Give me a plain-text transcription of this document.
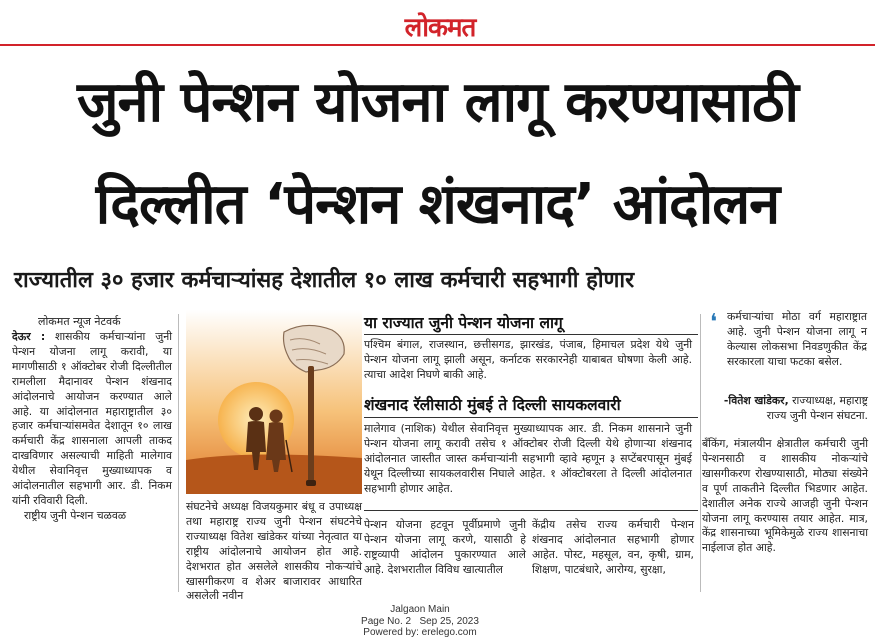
लोकमत
जुनी पेन्शन योजना लागू करण्यासाठी
दिल्लीत ‘पेन्शन शंखनाद’ आंदोलन
राज्यातील ३० हजार कर्मचाऱ्यांसह देशातील १० लाख कर्मचारी सहभागी होणार
लोकमत न्यूज नेटवर्क

देऊर : शासकीय कर्मचाऱ्यांना जुनी पेन्शन योजना लागू करावी, या मागणीसाठी १ ऑक्टोबर रोजी दिल्लीतील रामलीला मैदानावर पेन्शन शंखनाद आंदोलनाचे आयोजन करण्यात आले आहे. या आंदोलनात महाराष्ट्रातील ३० हजार कर्मचाऱ्यांसमवेत देशातून १० लाख कर्मचारी केंद्र शासनाला आपली ताकद दाखविणार असल्याची माहिती मालेगाव येथील सेवानिवृत्त मुख्याध्यापक व आंदोलनातील सहभागी आर. डी. निकम यांनी रविवारी दिली.

राष्ट्रीय जुनी पेन्शन चळवळ

संघटनेचे अध्यक्ष विजयकुमार बंधू व उपाध्यक्ष तथा महाराष्ट्र राज्य जुनी पेन्शन संघटनेचे राज्याध्यक्ष वितेश खांडेकर यांच्या नेतृत्वात या राष्ट्रीय आंदोलनाचे आयोजन होत आहे. देशभरात होत असलेले शासकीय नोकऱ्यांचे खासगीकरण व शेअर बाजारावर आधारित असलेली नवीन
या राज्यात जुनी पेन्शन योजना लागू
पश्चिम बंगाल, राजस्थान, छत्तीसगड, झारखंड, पंजाब, हिमाचल प्रदेश येथे जुनी पेन्शन योजना लागू झाली असून, कर्नाटक सरकारनेही याबाबत घोषणा केली आहे. त्याचा आदेश निघणे बाकी आहे.
शंखनाद रॅलीसाठी मुंबई ते दिल्ली सायकलवारी
मालेगाव (नाशिक) येथील सेवानिवृत्त मुख्याध्यापक आर. डी. निकम शासनाने जुनी पेन्शन योजना लागू करावी तसेच १ ऑक्टोबर रोजी दिल्ली येथे होणाऱ्या शंखनाद आंदोलनात जास्तीत जास्त कर्मचाऱ्यांनी सहभागी व्हावे म्हणून ३ सप्टेंबरपासून मुंबई येथून दिल्लीच्या सायकलवारीस निघाले आहेत. १ ऑक्टोबरला ते दिल्ली आंदोलनात सहभागी होणार आहेत.
पेन्शन योजना हटवून पूर्वीप्रमाणे जुनी पेन्शन योजना लागू करणे, यासाठी हे राष्ट्रव्यापी आंदोलन पुकारण्यात आले आहे. देशभरातील विविध खात्यातील
केंद्रीय तसेच राज्य कर्मचारी पेन्शन शंखनाद आंदोलनात सहभागी होणार आहेत. पोस्ट, महसूल, वन, कृषी, ग्राम, शिक्षण, पाटबंधारे, आरोग्य, सुरक्षा,
❛ कर्मचाऱ्यांचा मोठा वर्ग महाराष्ट्रात आहे. जुनी पेन्शन योजना लागू न केल्यास लोकसभा निवडणुकीत केंद्र सरकारला याचा फटका बसेल.
-वितेश खांडेकर, राज्याध्यक्ष, महाराष्ट्र राज्य जुनी पेन्शन संघटना.
बँकिंग, मंत्रालयीन क्षेत्रातील कर्मचारी जुनी पेन्शनसाठी व शासकीय नोकऱ्यांचे खासगीकरण रोखण्यासाठी, मोठ्या संख्येने व पूर्ण ताकतीने दिल्लीत भिडणार आहेत. देशातील अनेक राज्ये आजही जुनी पेन्शन योजना लागू करण्यास तयार आहेत. मात्र, केंद्र शासनाच्या भूमिकेमुळे राज्य शासनाचा नाईलाज होत आहे.
Jalgaon Main
Page No. 2 Sep 25, 2023
Powered by: erelego.com
